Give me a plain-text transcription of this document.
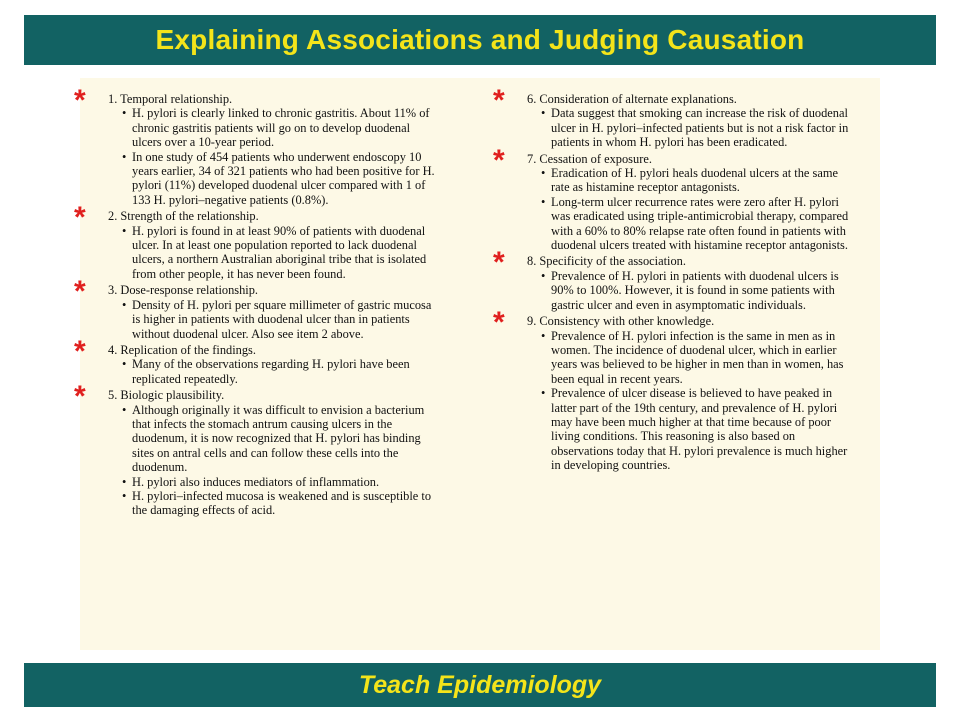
Explaining Associations and Judging Causation
* 1. Temporal relationship.
• H. pylori is clearly linked to chronic gastritis. About 11% of chronic gastritis patients will go on to develop duodenal ulcers over a 10-year period.
• In one study of 454 patients who underwent endoscopy 10 years earlier, 34 of 321 patients who had been positive for H. pylori (11%) developed duodenal ulcer compared with 1 of 133 H. pylori–negative patients (0.8%).
* 2. Strength of the relationship.
• H. pylori is found in at least 90% of patients with duodenal ulcer. In at least one population reported to lack duodenal ulcers, a northern Australian aboriginal tribe that is isolated from other people, it has never been found.
* 3. Dose-response relationship.
• Density of H. pylori per square millimeter of gastric mucosa is higher in patients with duodenal ulcer than in patients without duodenal ulcer. Also see item 2 above.
* 4. Replication of the findings.
• Many of the observations regarding H. pylori have been replicated repeatedly.
* 5. Biologic plausibility.
• Although originally it was difficult to envision a bacterium that infects the stomach antrum causing ulcers in the duodenum, it is now recognized that H. pylori has binding sites on antral cells and can follow these cells into the duodenum.
• H. pylori also induces mediators of inflammation.
• H. pylori–infected mucosa is weakened and is susceptible to the damaging effects of acid.
* 6. Consideration of alternate explanations.
• Data suggest that smoking can increase the risk of duodenal ulcer in H. pylori–infected patients but is not a risk factor in patients in whom H. pylori has been eradicated.
* 7. Cessation of exposure.
• Eradication of H. pylori heals duodenal ulcers at the same rate as histamine receptor antagonists.
• Long-term ulcer recurrence rates were zero after H. pylori was eradicated using triple-antimicrobial therapy, compared with a 60% to 80% relapse rate often found in patients with duodenal ulcers treated with histamine receptor antagonists.
* 8. Specificity of the association.
• Prevalence of H. pylori in patients with duodenal ulcers is 90% to 100%. However, it is found in some patients with gastric ulcer and even in asymptomatic individuals.
* 9. Consistency with other knowledge.
• Prevalence of H. pylori infection is the same in men as in women. The incidence of duodenal ulcer, which in earlier years was believed to be higher in men than in women, has been equal in recent years.
• Prevalence of ulcer disease is believed to have peaked in latter part of the 19th century, and prevalence of H. pylori may have been much higher at that time because of poor living conditions. This reasoning is also based on observations today that H. pylori prevalence is much higher in developing countries.
Teach Epidemiology
